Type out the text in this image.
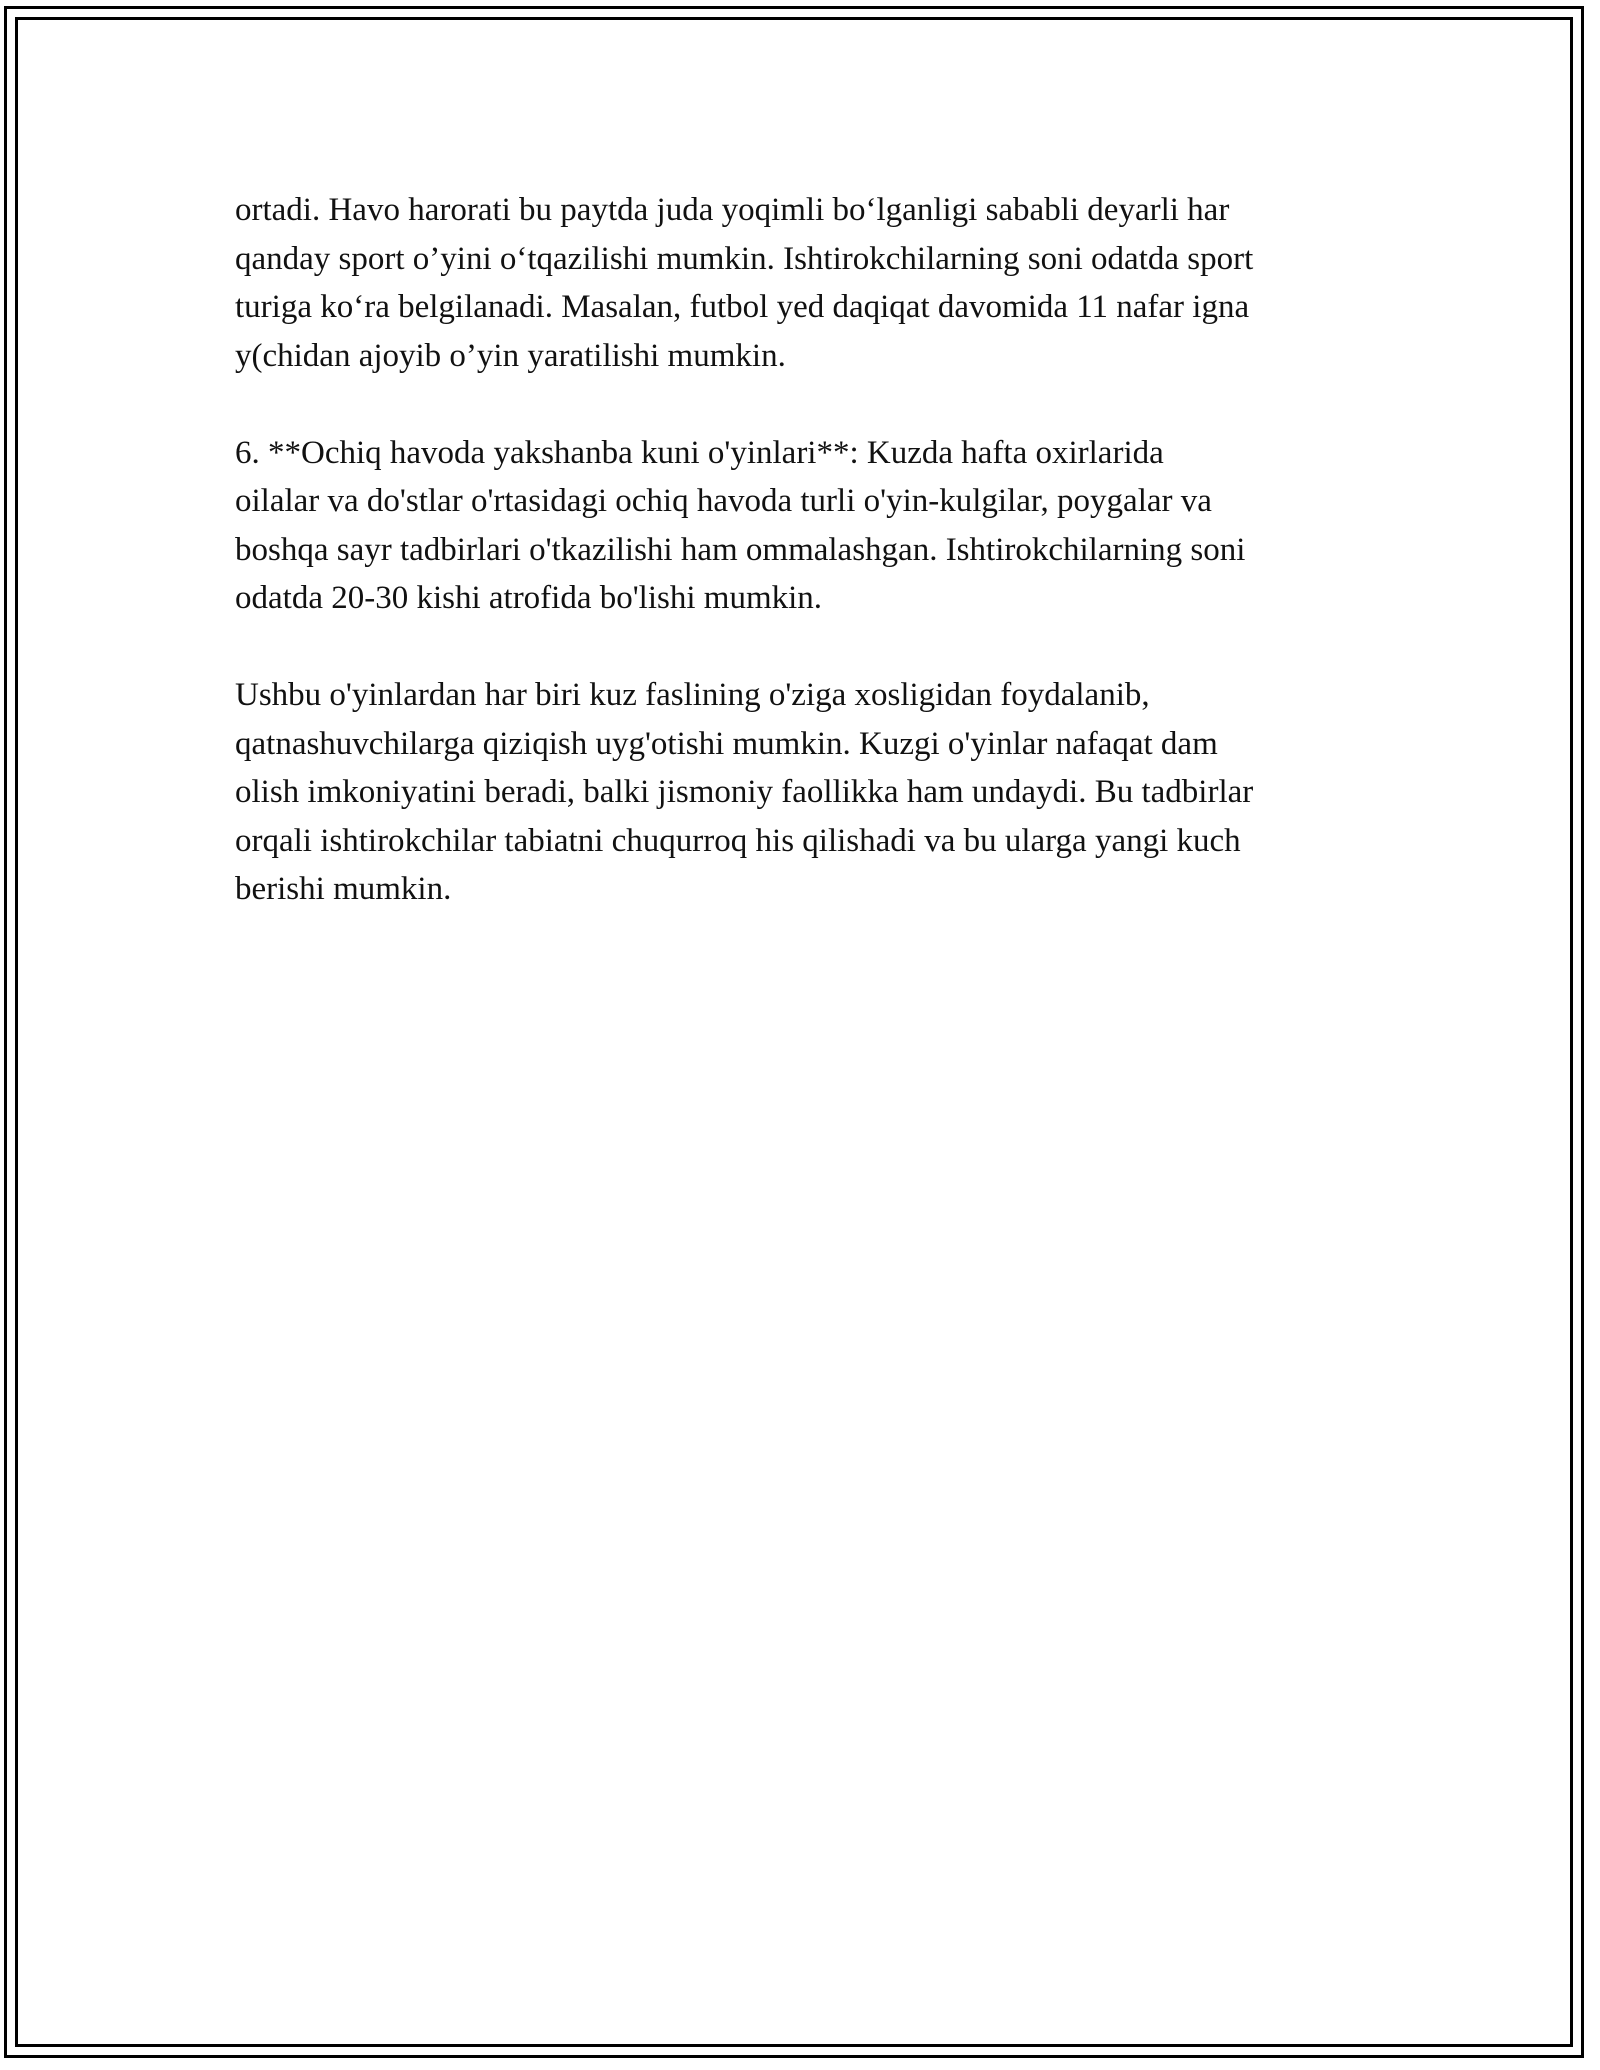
ortadi. Havo harorati bu paytda juda yoqimli bo‘lganligi sababli deyarli har
qanday sport o’yini o‘tqazilishi mumkin. Ishtirokchilarning soni odatda sport
turiga ko‘ra belgilanadi. Masalan, futbol yed daqiqat davomida 11 nafar igna
y(chidan ajoyib o’yin yaratilishi mumkin.

6. **Ochiq havoda yakshanba kuni o'yinlari**: Kuzda hafta oxirlarida
oilalar va do'stlar o'rtasidagi ochiq havoda turli o'yin-kulgilar, poygalar va
boshqa sayr tadbirlari o'tkazilishi ham ommalashgan. Ishtirokchilarning soni
odatda 20-30 kishi atrofida bo'lishi mumkin.

Ushbu o'yinlardan har biri kuz faslining o'ziga xosligidan foydalanib,
qatnashuvchilarga qiziqish uyg'otishi mumkin. Kuzgi o'yinlar nafaqat dam
olish imkoniyatini beradi, balki jismoniy faollikka ham undaydi. Bu tadbirlar
orqali ishtirokchilar tabiatni chuqurroq his qilishadi va bu ularga yangi kuch
berishi mumkin.
